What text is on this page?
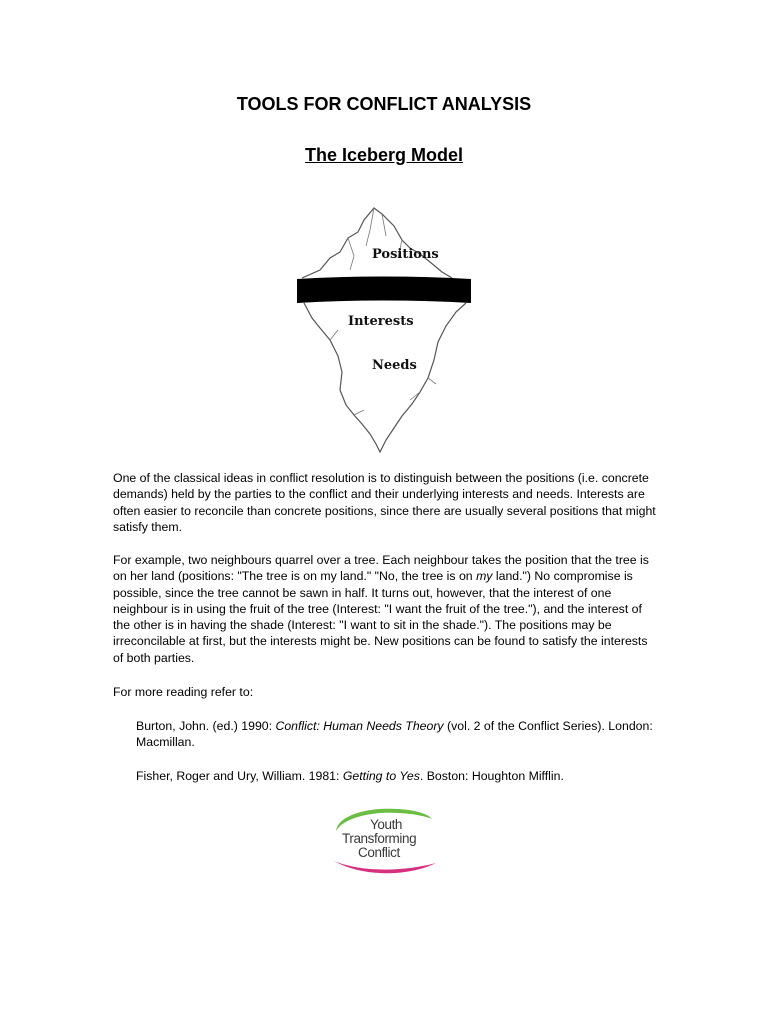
TOOLS FOR CONFLICT ANALYSIS
The Iceberg Model
Positions
Interests
Needs

One of the classical ideas in conflict resolution is to distinguish between the positions (i.e. concrete demands) held by the parties to the conflict and their underlying interests and needs. Interests are often easier to reconcile than concrete positions, since there are usually several positions that might satisfy them.

For example, two neighbours quarrel over a tree. Each neighbour takes the position that the tree is on her land (positions: "The tree is on my land." "No, the tree is on my land.") No compromise is possible, since the tree cannot be sawn in half. It turns out, however, that the interest of one neighbour is in using the fruit of the tree (Interest: "I want the fruit of the tree."), and the interest of the other is in having the shade (Interest: "I want to sit in the shade."). The positions may be irreconcilable at first, but the interests might be. New positions can be found to satisfy the interests of both parties.

For more reading refer to:

Burton, John. (ed.) 1990: Conflict: Human Needs Theory (vol. 2 of the Conflict Series). London: Macmillan.

Fisher, Roger and Ury, William. 1981: Getting to Yes. Boston: Houghton Mifflin.

Youth
Transforming
Conflict
